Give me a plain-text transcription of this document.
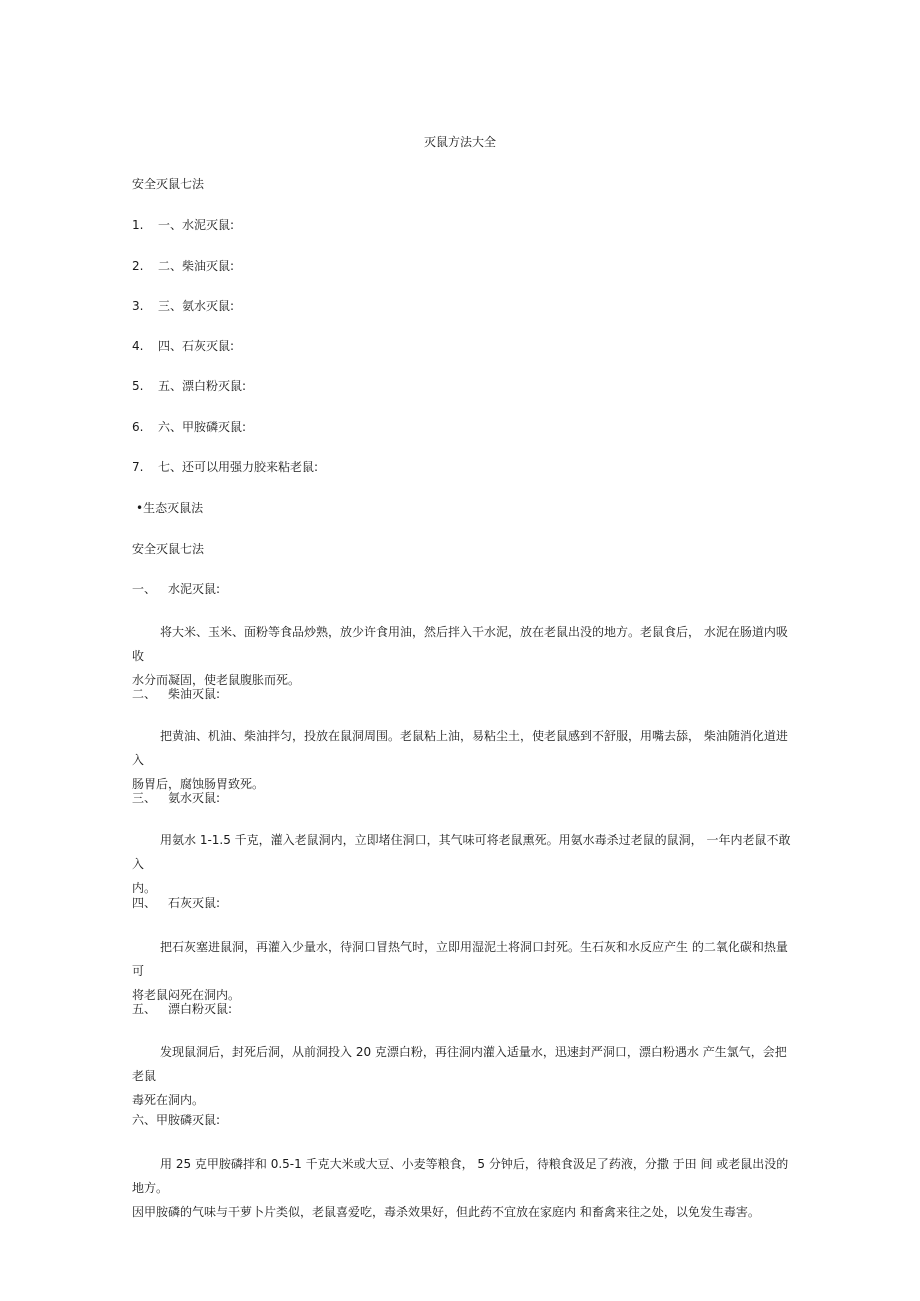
灭鼠方法大全
安全灭鼠七法
1. 一、水泥灭鼠:
2. 二、柴油灭鼠:
3. 三、氨水灭鼠:
4. 四、石灰灭鼠:
5. 五、漂白粉灭鼠:
6. 六、甲胺磷灭鼠:
7. 七、还可以用强力胶来粘老鼠:
•生态灭鼠法
安全灭鼠七法
一、 水泥灭鼠:
将大米、玉米、面粉等食品炒熟，放少许食用油，然后拌入干水泥，放在老鼠出没的地方。老鼠食后， 水泥在肠道内吸收
水分而凝固，使老鼠腹胀而死。
二、 柴油灭鼠:
把黄油、机油、柴油拌匀，投放在鼠洞周围。老鼠粘上油，易粘尘土，使老鼠感到不舒服，用嘴去舔， 柴油随消化道进入
肠胃后，腐蚀肠胃致死。
三、 氨水灭鼠:
用氨水 1-1.5 千克，灌入老鼠洞内，立即堵住洞口，其气味可将老鼠熏死。用氨水毒杀过老鼠的鼠洞， 一年内老鼠不敢入
内。
四、 石灰灭鼠:
把石灰塞进鼠洞，再灌入少量水，待洞口冒热气时，立即用湿泥土将洞口封死。生石灰和水反应产生 的二氧化碳和热量可
将老鼠闷死在洞内。
五、 漂白粉灭鼠:
发现鼠洞后，封死后洞，从前洞投入 20 克漂白粉，再往洞内灌入适量水，迅速封严洞口，漂白粉遇水 产生氯气，会把老鼠
毒死在洞内。
六、甲胺磷灭鼠:
用 25 克甲胺磷拌和 0.5-1 千克大米或大豆、小麦等粮食， 5 分钟后，待粮食汲足了药液，分撒 于田 间 或老鼠出没的地方。
因甲胺磷的气味与干萝卜片类似，老鼠喜爱吃，毒杀效果好，但此药不宜放在家庭内 和畜禽来往之处，以免发生毒害。
